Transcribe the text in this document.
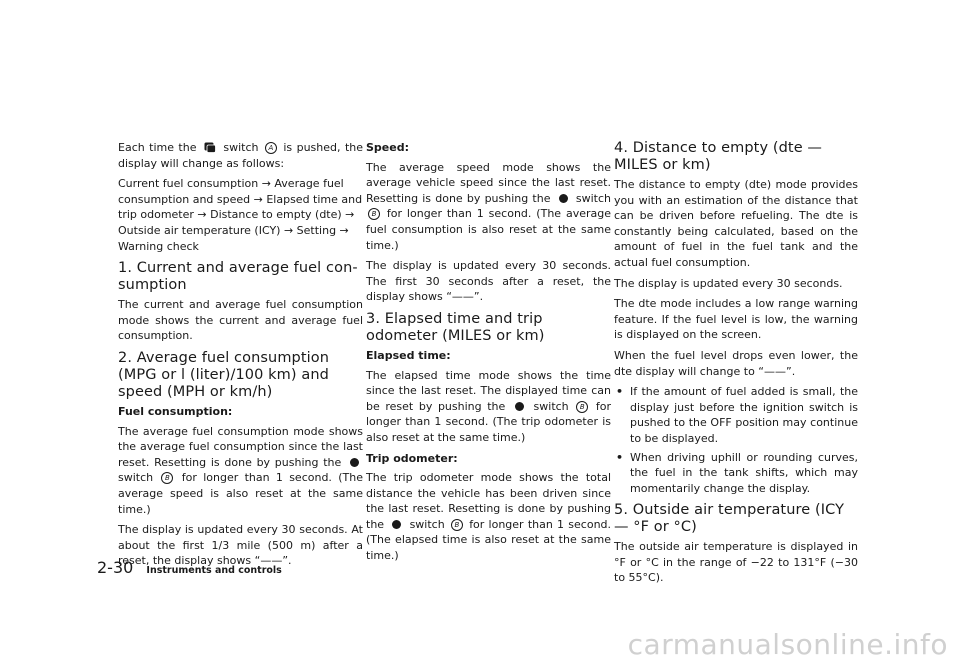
Each time the switch A is pushed, the display will change as follows:

Current fuel consumption → Average fuel consumption and speed → Elapsed time and trip odometer → Distance to empty (dte) → Outside air temperature (ICY) → Setting → Warning check

1. Current and average fuel con- sumption

The current and average fuel consumption mode shows the current and average fuel consumption.

2. Average fuel consumption (MPG or l (liter)/100 km) and speed (MPH or km/h)

Fuel consumption:

The average fuel consumption mode shows the average fuel consumption since the last reset. Resetting is done by pushing the  switch B for longer than 1 second. (The average speed is also reset at the same time.)

The display is updated every 30 seconds. At about the first 1/3 mile (500 m) after a reset, the display shows “——”.

Speed:

The average speed mode shows the average vehicle speed since the last reset. Resetting is done by pushing the switch B for longer than 1 second. (The average fuel consumption is also reset at the same time.)

The display is updated every 30 seconds. The first 30 seconds after a reset, the display shows “——”.

3. Elapsed time and trip odometer (MILES or km)

Elapsed time:

The elapsed time mode shows the time since the last reset. The displayed time can be reset by pushing the	switch B for longer than 1 second. (The trip odometer is also reset at the same time.)

Trip odometer:

The trip odometer mode shows the total distance the vehicle has been driven since the last reset. Resetting is done by pushing the switch B for longer than 1 second. (The elapsed time is also reset at the same time.)

4. Distance to empty (dte — MILES or km)

The distance to empty (dte) mode provides you with an estimation of the distance that can be driven before refueling. The dte is constantly being calculated, based on the amount of fuel in the fuel tank and the actual fuel consumption.

The display is updated every 30 seconds.

The dte mode includes a low range warning feature. If the fuel level is low, the warning is displayed on the screen.

When the fuel level drops even lower, the dte display will change to “——”.

• If the amount of fuel added is small, the display just before the ignition switch is pushed to the OFF position may continue to be displayed.
• When driving uphill or rounding curves, the fuel in the tank shifts, which may momentarily change the display.
5. Outside air temperature (ICY — °F or °C)

The outside air temperature is displayed in °F or °C in the range of −22 to 131°F (−30 to 55°C).

2-30 Instruments and controls
carmanualsonline.info
